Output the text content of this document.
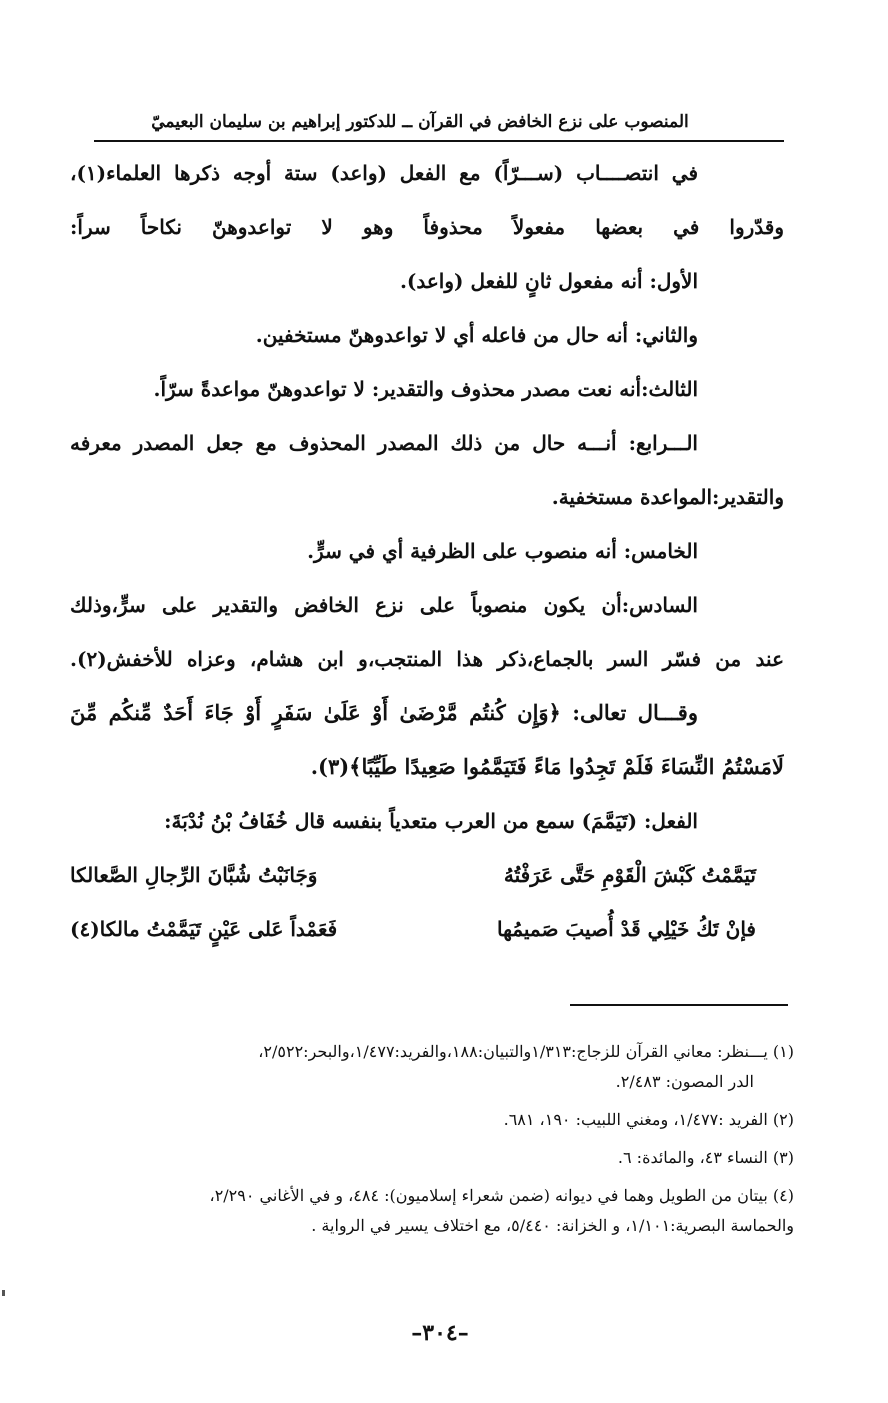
المنصوب على نزع الخافض في القرآن ــ للدكتور إبراهيم بن سليمان البعيميّ

في انتصــــاب (ســـرّاً) مع الفعل (واعد) ستة أوجه ذكرها العلماء(١)،

وقدّروا في بعضها مفعولاً محذوفاً وهو لا تواعدوهنّ نكاحاً سراً:

الأول: أنه مفعول ثانٍ للفعل (واعد).

والثاني: أنه حال من فاعله أي لا تواعدوهنّ مستخفين.

الثالث:أنه نعت مصدر محذوف والتقدير: لا تواعدوهنّ مواعدةً سرّاً.

الـــرابع: أنـــه حال من ذلك المصدر المحذوف مع جعل المصدر معرفه

والتقدير:المواعدة مستخفية.

الخامس: أنه منصوب على الظرفية أي في سرٍّ.

السادس:أن يكون منصوباً على نزع الخافض والتقدير على سرٍّ،وذلك

عند من فسّر السر بالجماع،ذكر هذا المنتجب،و ابن هشام، وعزاه للأخفش(٢).

وقـــال تعالى: ﴿وَإِن كُنتُم مَّرْضَىٰ أَوْ عَلَىٰ سَفَرٍ أَوْ جَاءَ أَحَدٌ مِّنكُم مِّنَ

لَامَسْتُمُ النِّسَاءَ فَلَمْ تَجِدُوا مَاءً فَتَيَمَّمُوا صَعِيدًا طَيِّبًا﴾(٣).

الفعل: (تَيَمَّمَ) سمع من العرب متعدياً بنفسه قال خُفَافُ بْنُ نُدْبَةَ:

تَيَمَّمْتُ كَبْشَ الْقَوْمِ حَتَّى عَرَفْتُهُ
وَجَانَبْتُ شُبَّانَ الرِّجالِ الصَّعالكا
فإنْ تَكُ خَيْلِي قَدْ أُصيبَ صَميمُها
فَعَمْداً عَلى عَيْنٍ تَيَمَّمْتُ مالكا(٤)
(١) يـــنظر: معاني القرآن للزجاج:١/٣١٣والتبيان:١٨٨،والفريد:١/٤٧٧،والبحر:٢/٥٢٢،
الدر المصون: ٢/٤٨٣.
(٢) الفريد :١/٤٧٧، ومغني اللبيب: ١٩٠، ٦٨١.
(٣) النساء ٤٣، والمائدة: ٦.
(٤) بيتان من الطويل وهما في ديوانه (ضمن شعراء إسلاميون): ٤٨٤، و في الأغاني ٢/٢٩٠،
والحماسة البصرية:١/١٠١، و الخزانة: ٥/٤٤٠، مع اختلاف يسير في الرواية .
–٣٠٤–
